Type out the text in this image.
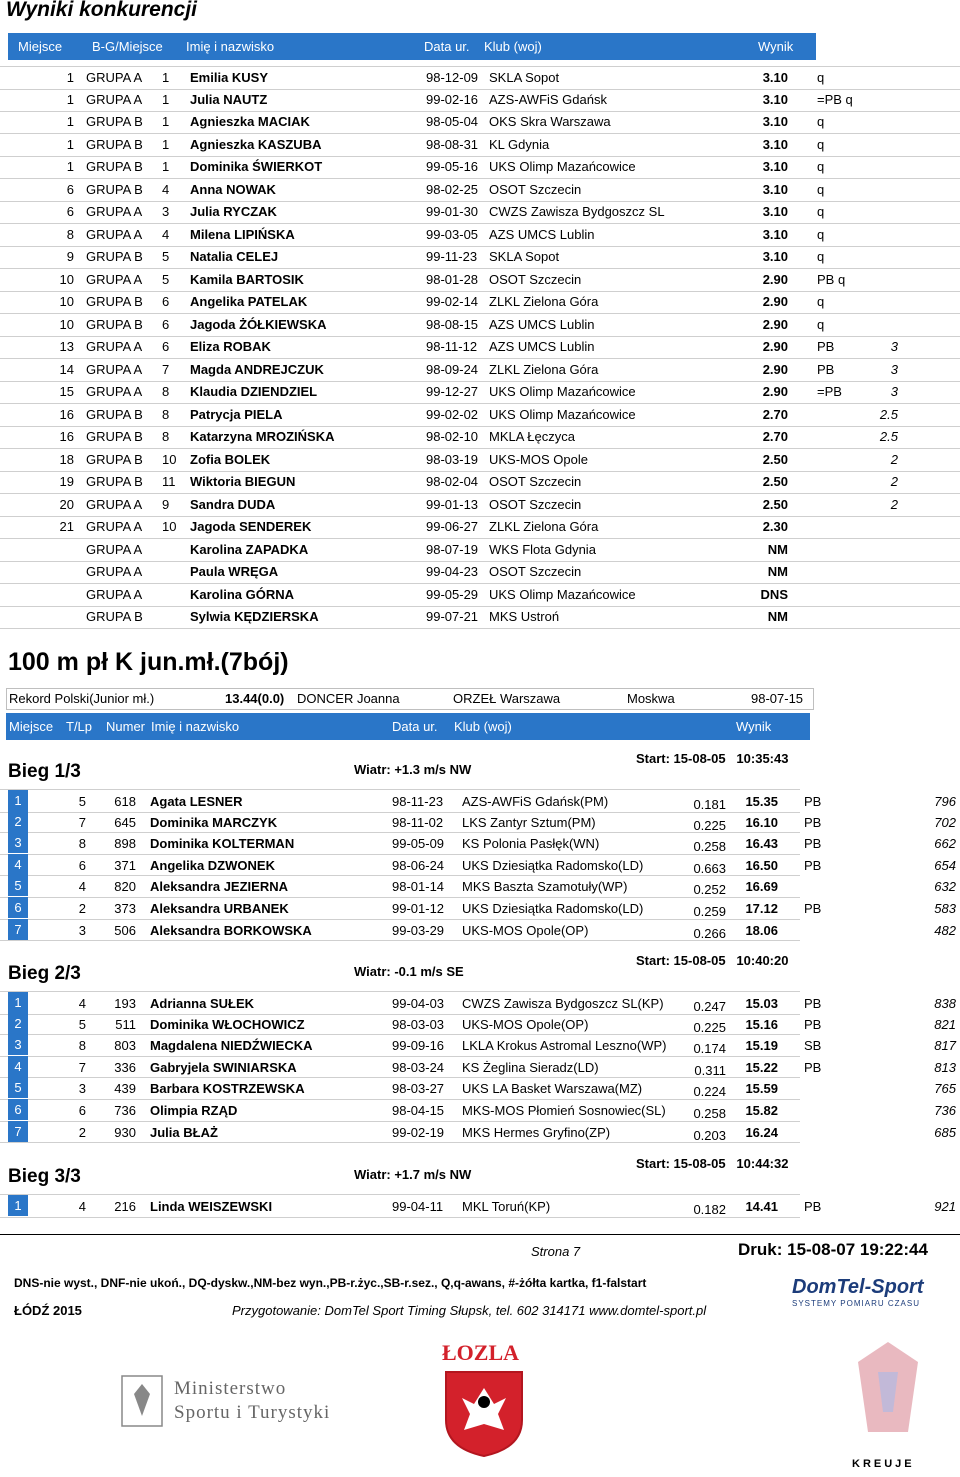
Wyniki konkurencji
Miejsce B-G/Miejsce Imię i nazwisko	Data ur. Klub (woj)	Wynik
1 GRUPA A 1 Emilia KUSY	98-12-09 SKLA Sopot	3.10 q
1 GRUPA A 1 Julia NAUTZ	99-02-16 AZS-AWFiS Gdańsk	3.10 =PB q
1 GRUPA B 1 Agnieszka MACIAK	98-05-04 OKS Skra Warszawa	3.10 q
1 GRUPA B 1 Agnieszka KASZUBA	98-08-31 KL Gdynia	3.10 q
1 GRUPA B 1 Dominika ŚWIERKOT	99-05-16 UKS Olimp Mazańcowice	3.10 q
6 GRUPA B 4 Anna NOWAK	98-02-25 OSOT Szczecin	3.10 q
6 GRUPA A 3 Julia RYCZAK	99-01-30 CWZS Zawisza Bydgoszcz SL	3.10 q
8 GRUPA A 4 Milena LIPIŃSKA	99-03-05 AZS UMCS Lublin	3.10 q
9 GRUPA B 5 Natalia CELEJ	99-11-23 SKLA Sopot	3.10 q
10 GRUPA A 5 Kamila BARTOSIK	98-01-28 OSOT Szczecin	2.90 PB q
10 GRUPA B 6 Angelika PATELAK	99-02-14 ZLKL Zielona Góra	2.90 q
10 GRUPA B 6 Jagoda ŻÓŁKIEWSKA	98-08-15 AZS UMCS Lublin	2.90 q
13 GRUPA A 6 Eliza ROBAK	98-11-12 AZS UMCS Lublin	2.90 PB	3
14 GRUPA A 7 Magda ANDREJCZUK	98-09-24 ZLKL Zielona Góra	2.90 PB	3
15 GRUPA A 8 Klaudia DZIENDZIEL	99-12-27 UKS Olimp Mazańcowice	2.90 =PB	3
16 GRUPA B 8 Patrycja PIELA	99-02-02 UKS Olimp Mazańcowice	2.70	2.5
16 GRUPA B 8 Katarzyna MROZIŃSKA	98-02-10 MKLA Łęczyca	2.70	2.5
18 GRUPA B 10 Zofia BOLEK	98-03-19 UKS-MOS Opole	2.50	2
19 GRUPA B 11 Wiktoria BIEGUN	98-02-04 OSOT Szczecin	2.50	2
20 GRUPA A 9 Sandra DUDA	99-01-13 OSOT Szczecin	2.50	2
21 GRUPA A 10 Jagoda SENDEREK	99-06-27 ZLKL Zielona Góra	2.30
GRUPA A	Karolina ZAPADKA	98-07-19 WKS Flota Gdynia	NM
GRUPA A	Paula WRĘGA	99-04-23 OSOT Szczecin	NM
GRUPA A	Karolina GÓRNA	99-05-29 UKS Olimp Mazańcowice	DNS
GRUPA B	Sylwia KĘDZIERSKA	99-07-21 MKS Ustroń	NM
100 m pł K jun.mł.(7bój)
Rekord Polski(Junior mł.)	13.44(0.0) DONCER Joanna	ORZEŁ Warszawa	Moskwa	98-07-15
Miejsce T/Lp Numer Imię i nazwisko	Data ur. Klub (woj)	Wynik
Bieg 1/3	Wiatr: +1.3 m/s NW
Start: 15-08-05   10:35:43
1	5	618 Agata LESNER	98-11-23 AZS-AWFiS Gdańsk(PM)	0.181	15.35 PB	796
2	7	645 Dominika MARCZYK	98-11-02 LKS Zantyr Sztum(PM)	0.225	16.10 PB	702
3	8	898 Dominika KOLTERMAN	99-05-09 KS Polonia Pasłęk(WN)	0.258	16.43 PB	662
4	6	371 Angelika DZWONEK	98-06-24 UKS Dziesiątka Radomsko(LD)	0.663	16.50 PB	654
5	4	820 Aleksandra JEZIERNA	98-01-14 MKS Baszta Szamotuły(WP)	0.252	16.69	632
6	2	373 Aleksandra URBANEK	99-01-12 UKS Dziesiątka Radomsko(LD)	0.259	17.12 PB	583
7	3	506 Aleksandra BORKOWSKA	99-03-29 UKS-MOS Opole(OP)	0.266	18.06	482
Bieg 2/3	Wiatr: -0.1 m/s SE
Start: 15-08-05   10:40:20
1	4	193 Adrianna SUŁEK	99-04-03 CWZS Zawisza Bydgoszcz SL(KP)	0.247	15.03 PB	838
2	5	511 Dominika WŁOCHOWICZ	98-03-03 UKS-MOS Opole(OP)	0.225	15.16 PB	821
3	8	803 Magdalena NIEDŹWIECKA	99-09-16 LKLA Krokus Astromal Leszno(WP)	0.174	15.19 SB	817
4	7	336 Gabryjela SWINIARSKA	98-03-24 KS Żeglina Sieradz(LD)	0.311	15.22 PB	813
5	3	439 Barbara KOSTRZEWSKA	98-03-27 UKS LA Basket Warszawa(MZ)	0.224	15.59	765
6	6	736 Olimpia RZĄD	98-04-15 MKS-MOS Płomień Sosnowiec(SL)	0.258	15.82	736
7	2	930 Julia BŁAŻ	99-02-19 MKS Hermes Gryfino(ZP)	0.203	16.24	685
Bieg 3/3	Wiatr: +1.7 m/s NW
Start: 15-08-05   10:44:32
1	4	216 Linda WEISZEWSKI	99-04-11 MKL Toruń(KP)	0.182	14.41 PB	921
Strona 7	Druk: 15-08-07 19:22:44
DNS-nie wyst., DNF-nie ukoń., DQ-dyskw.,NM-bez wyn.,PB-r.życ.,SB-r.sez., Q,q-awans, #-żółta kartka, f1-falstart
ŁÓDŹ 2015	Przygotowanie: DomTel Sport Timing Słupsk, tel. 602 314171 www.domtel-sport.pl
DomTel-Sport
SYSTEMY POMIARU CZASU
Ministerstwo
Sportu i Turystyki
ŁOZLA
KREUJE
